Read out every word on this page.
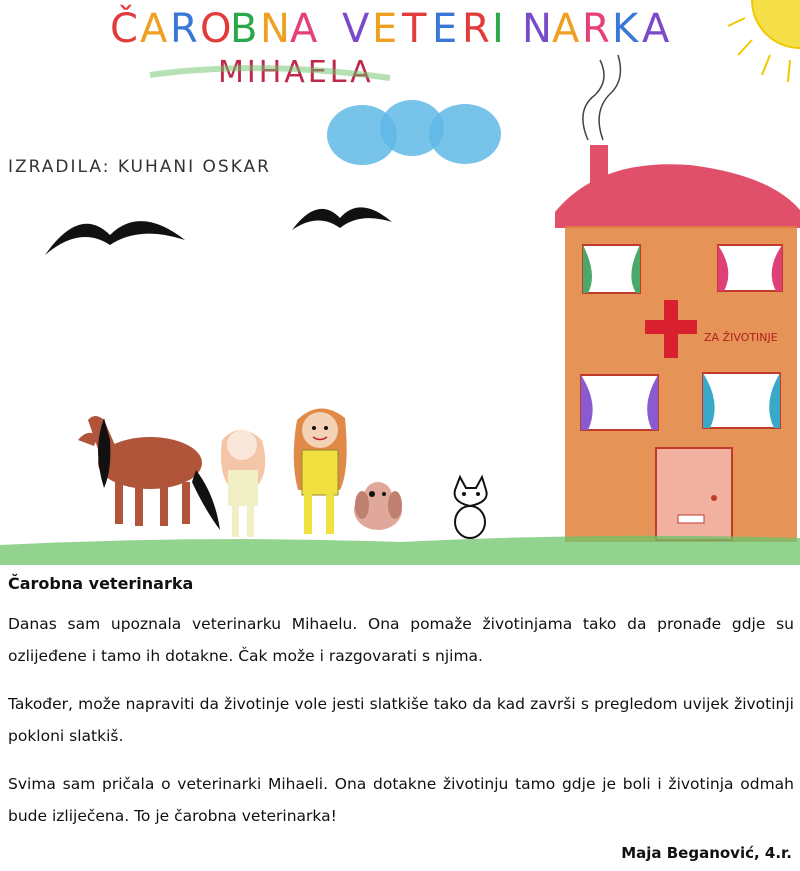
Č A R O
B N A V E T E R I N A R K A
MIHAELA
IZRADILA: KUHANI OSKAR
ZA ŽIVOTINJE
Čarobna veterinarka
Danas sam upoznala veterinarku Mihaelu. Ona pomaže životinjama tako da pronađe gdje su ozlijeđene i tamo ih dotakne. Čak može i razgovarati s njima.
Također, može napraviti da životinje vole jesti slatkiše tako da kad završi s pregledom uvijek životinji pokloni slatkiš.
Svima sam pričala o veterinarki Mihaeli. Ona dotakne životinju tamo gdje je boli i životinja odmah bude izliječena. To je čarobna veterinarka!
Maja Beganović, 4.r.
